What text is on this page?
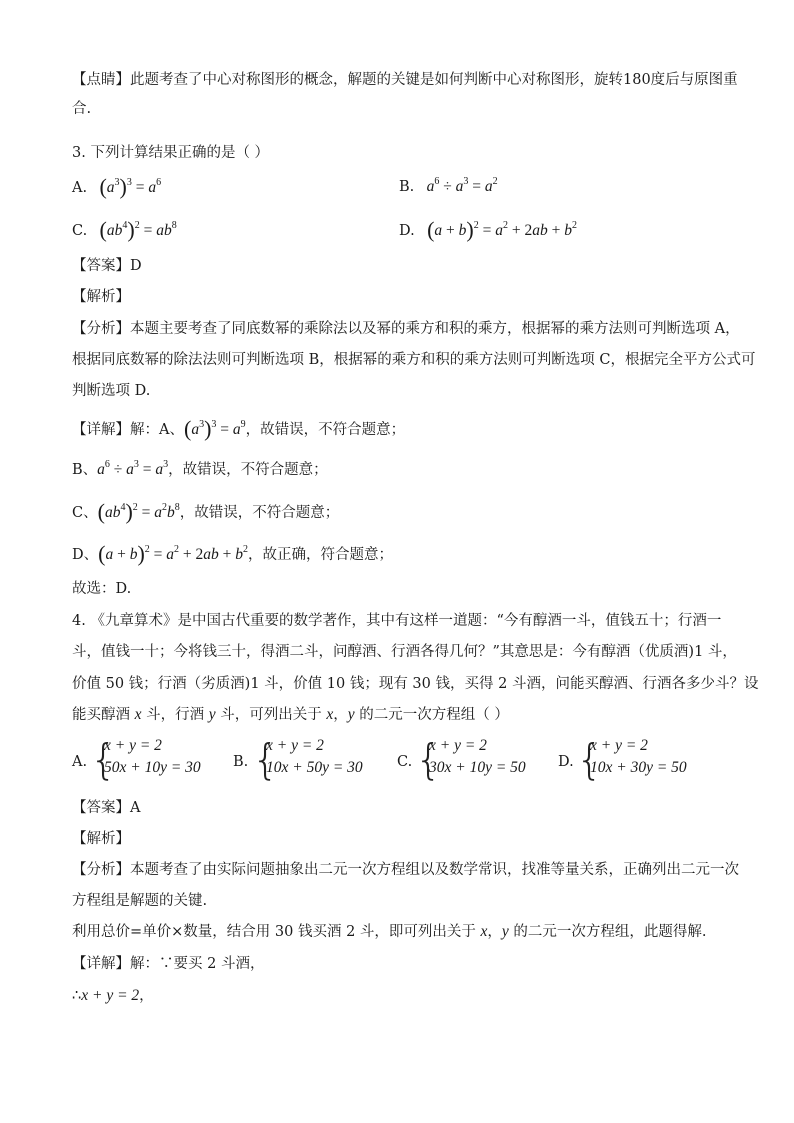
【点睛】此题考查了中心对称图形的概念，解题的关键是如何判断中心对称图形，旋转180度后与原图重
合.
3. 下列计算结果正确的是（ ）
A. $(a^3)^3 = a^6$	B. $a^6 \div a^3 = a^2$
C. $(ab^4)^2 = ab^8$	D. $(a + b)^2 = a^2 + 2ab + b^2$
【答案】D
【解析】
【分析】本题主要考查了同底数幂的乘除法以及幂的乘方和积的乘方，根据幂的乘方法则可判断选项 A，
根据同底数幂的除法法则可判断选项 B，根据幂的乘方和积的乘方法则可判断选项 C，根据完全平方公式可
判断选项 D.
【详解】解：A、$(a^3)^3 = a^9$，故错误，不符合题意；
B、$a^6 \div a^3 = a^3$，故错误，不符合题意；
C、$(ab^4)^2 = a^2b^8$，故错误，不符合题意；
D、$(a + b)^2 = a^2 + 2ab + b^2$，故正确，符合题意；
故选：D.
4. 《九章算术》是中国古代重要的数学著作，其中有这样一道题：“今有醇酒一斗，值钱五十；行酒一
斗，值钱一十；今将钱三十，得酒二斗，问醇酒、行酒各得几何？”其意思是：今有醇酒（优质酒)1 斗，
价值 50 钱；行酒（劣质酒)1 斗，价值 10 钱；现有 30 钱，买得 2 斗酒，问能买醇酒、行酒各多少斗？设
能买醇酒 x 斗，行酒 y 斗，可列出关于 x，y 的二元一次方程组（ ）
A. {
x + y = 2
50x + 10y = 30 B. {
x + y = 2
10x + 50y = 30 C. {
x + y = 2
30x + 10y = 50 D. {
x + y = 2
10x + 30y = 50
【答案】A
【解析】
【分析】本题考查了由实际问题抽象出二元一次方程组以及数学常识，找准等量关系，正确列出二元一次
方程组是解题的关键.
利用总价=单价×数量，结合用 30 钱买酒 2 斗，即可列出关于 x，y 的二元一次方程组，此题得解.
【详解】解：∵要买 2 斗酒，
∴x + y = 2，
